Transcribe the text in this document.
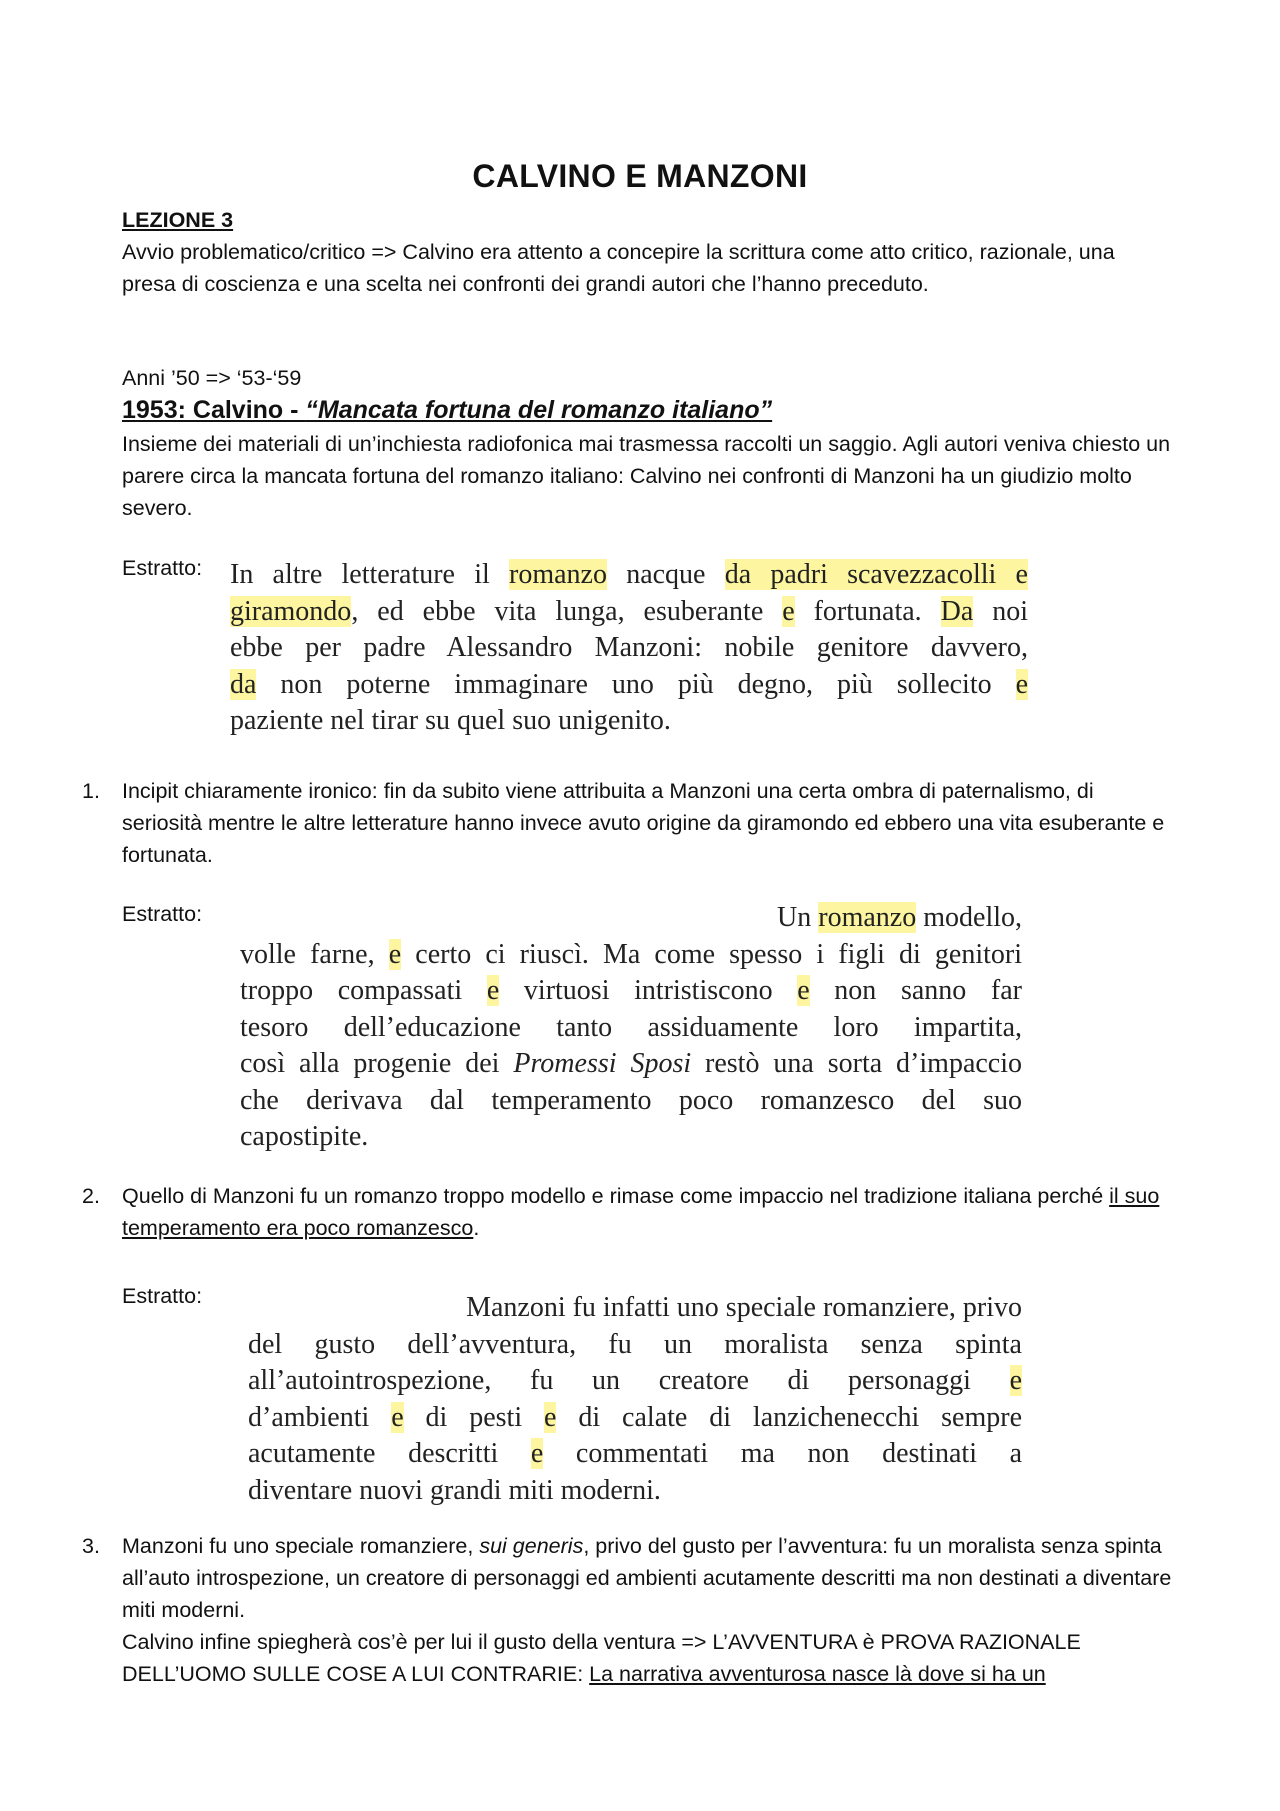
CALVINO E MANZONI
LEZIONE 3
Avvio problematico/critico => Calvino era attento a concepire la scrittura come atto critico, razionale, una presa di coscienza e una scelta nei confronti dei grandi autori che l’hanno preceduto.
Anni ’50 => ‘53-‘59
1953: Calvino - “Mancata fortuna del romanzo italiano”
Insieme dei materiali di un’inchiesta radiofonica mai trasmessa raccolti un saggio. Agli autori veniva chiesto un parere circa la mancata fortuna del romanzo italiano: Calvino nei confronti di Manzoni ha un giudizio molto severo.
Estratto: In altre letterature il romanzo nacque da padri scavezzacolli e
giramondo, ed ebbe vita lunga, esuberante e fortunata. Da noi
ebbe per padre Alessandro Manzoni: nobile genitore davvero,
da non poterne immaginare uno più degno, più sollecito e
paziente nel tirar su quel suo unigenito.
1. Incipit chiaramente ironico: fin da subito viene attribuita a Manzoni una certa ombra di paternalismo, di seriosità mentre le altre letterature hanno invece avuto origine da giramondo ed ebbero una vita esuberante e fortunata.
Estratto:	Un romanzo modello,
volle farne, e certo ci riuscì. Ma come spesso i figli di genitori
troppo compassati e virtuosi intristiscono e non sanno far
tesoro dell’educazione tanto assiduamente loro impartita,
così alla progenie dei Promessi Sposi restò una sorta d’impaccio
che derivava dal temperamento poco romanzesco del suo
capostipite.
2. Quello di Manzoni fu un romanzo troppo modello e rimase come impaccio nel tradizione italiana perché il suo temperamento era poco romanzesco.
Estratto:	Manzoni fu infatti uno speciale romanziere, privo
del gusto dell’avventura, fu un moralista senza spinta
all’autointrospezione, fu un creatore di personaggi e
d’ambienti e di pesti e di calate di lanzichenecchi sempre
acutamente descritti e commentati ma non destinati a
diventare nuovi grandi miti moderni.
3. Manzoni fu uno speciale romanziere, sui generis, privo del gusto per l’avventura: fu un moralista senza spinta all’auto introspezione, un creatore di personaggi ed ambienti acutamente descritti ma non destinati a diventare miti moderni.
Calvino infine spiegherà cos’è per lui il gusto della ventura => L’AVVENTURA è PROVA RAZIONALE DELL’UOMO SULLE COSE A LUI CONTRARIE: La narrativa avventurosa nasce là dove si ha un
